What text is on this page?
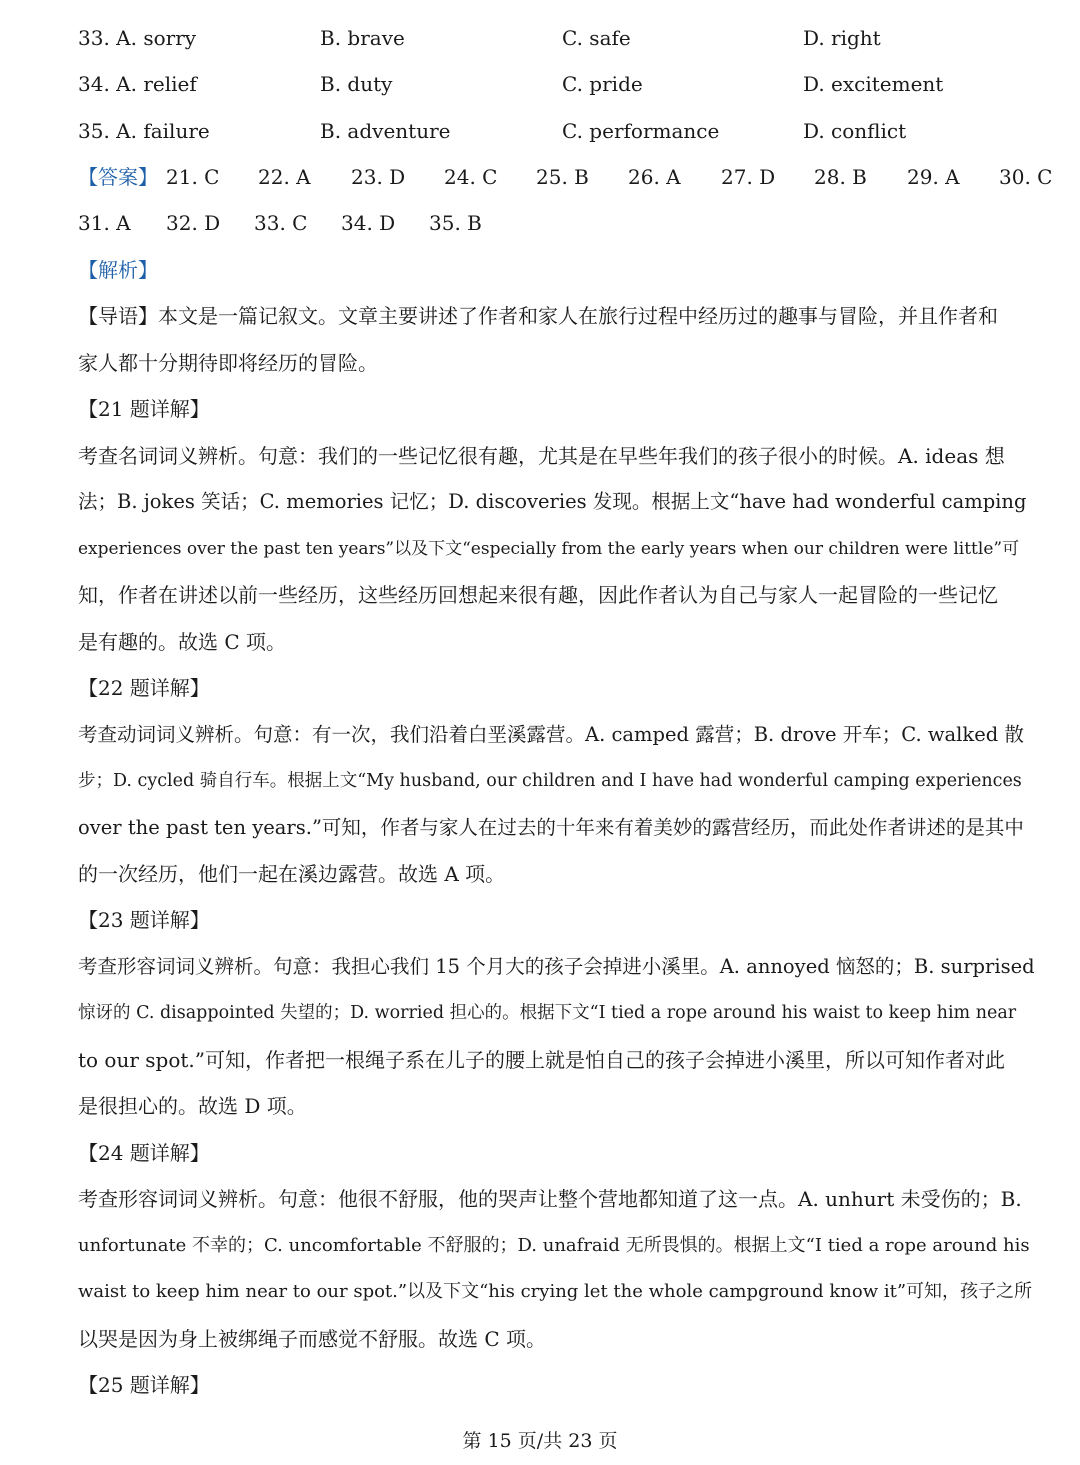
33. A. sorry	B. brave	C. safe	D. right
34. A. relief	B. duty	C. pride	D. excitement
35. A. failure	B. adventure	C. performance	D. conflict
【答案】 21. C 22. A 23. D 24. C 25. B 26. A 27. D 28. B 29. A 30. C
31. A 32. D 33. C 34. D 35. B
【解析】
【导语】本文是一篇记叙文。文章主要讲述了作者和家人在旅行过程中经历过的趣事与冒险，并且作者和
家人都十分期待即将经历的冒险。
【21 题详解】
考查名词词义辨析。句意：我们的一些记忆很有趣，尤其是在早些年我们的孩子很小的时候。A. ideas 想
法；B. jokes 笑话；C. memories 记忆；D. discoveries 发现。根据上文“have had wonderful camping
experiences over the past ten years”以及下文“especially from the early years when our children were little”可
知，作者在讲述以前一些经历，这些经历回想起来很有趣，因此作者认为自己与家人一起冒险的一些记忆
是有趣的。故选 C 项。
【22 题详解】
考查动词词义辨析。句意：有一次，我们沿着白垩溪露营。A. camped 露营；B. drove 开车；C. walked 散
步；D. cycled 骑自行车。根据上文“My husband, our children and I have had wonderful camping experiences
over the past ten years.”可知，作者与家人在过去的十年来有着美妙的露营经历，而此处作者讲述的是其中
的一次经历，他们一起在溪边露营。故选 A 项。
【23 题详解】
考查形容词词义辨析。句意：我担心我们 15 个月大的孩子会掉进小溪里。A. annoyed 恼怒的；B. surprised
惊讶的 C. disappointed 失望的；D. worried 担心的。根据下文“I tied a rope around his waist to keep him near
to our spot.”可知，作者把一根绳子系在儿子的腰上就是怕自己的孩子会掉进小溪里，所以可知作者对此
是很担心的。故选 D 项。
【24 题详解】
考查形容词词义辨析。句意：他很不舒服，他的哭声让整个营地都知道了这一点。A. unhurt 未受伤的；B.
unfortunate 不幸的；C. uncomfortable 不舒服的；D. unafraid 无所畏惧的。根据上文“I tied a rope around his
waist to keep him near to our spot.”以及下文“his crying let the whole campground know it”可知，孩子之所
以哭是因为身上被绑绳子而感觉不舒服。故选 C 项。
【25 题详解】
第 15 页/共 23 页
